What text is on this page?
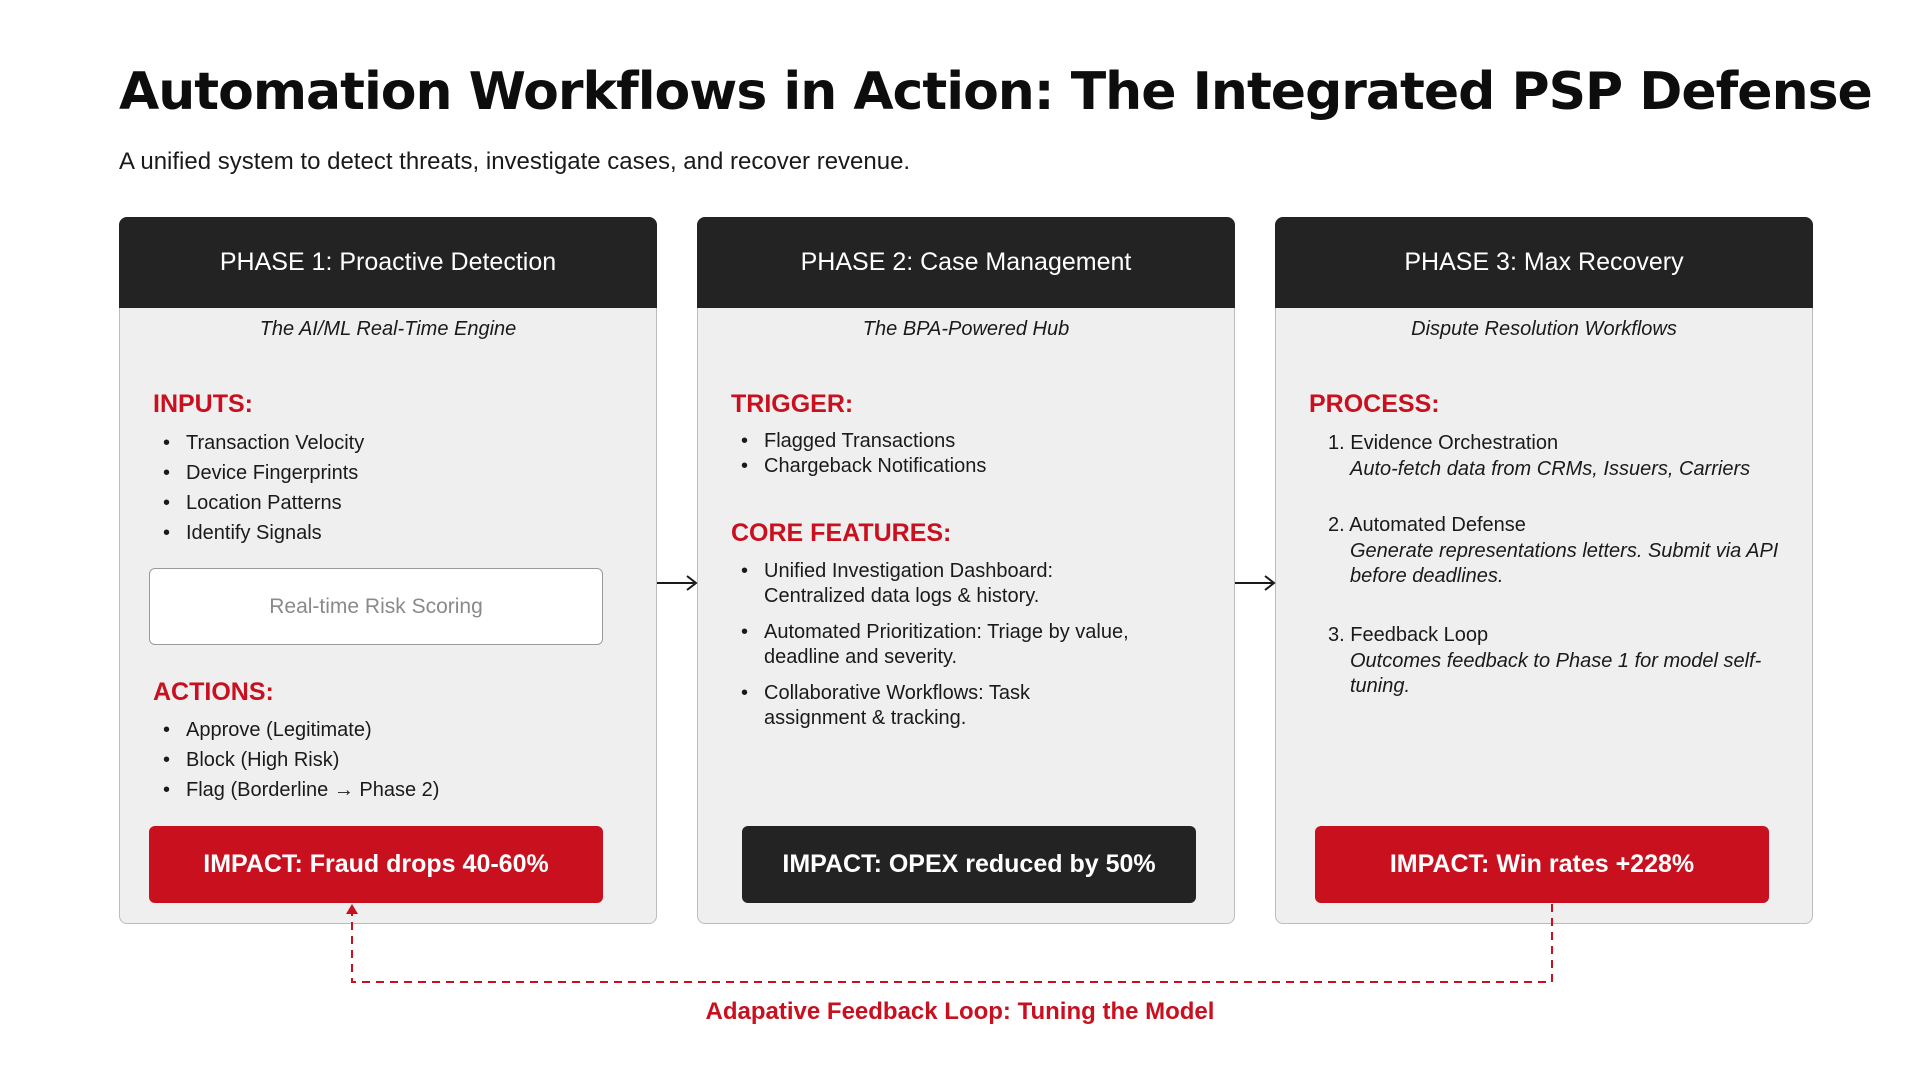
Automation Workflows in Action: The Integrated PSP Defense

A unified system to detect threats, investigate cases, and recover revenue.

PHASE 1: Proactive Detection
The AI/ML Real-Time Engine
INPUTS:
• Transaction Velocity
• Device Fingerprints
• Location Patterns
• Identify Signals
Real-time Risk Scoring
ACTIONS:
• Approve (Legitimate)
• Block (High Risk)
• Flag (Borderline → Phase 2)
IMPACT: Fraud drops 40-60%
PHASE 2: Case Management
The BPA-Powered Hub
TRIGGER:
• Flagged Transactions
• Chargeback Notifications
CORE FEATURES:
• Unified Investigation Dashboard: Centralized data logs & history.
• Automated Prioritization: Triage by value, deadline and severity.
• Collaborative Workflows: Task assignment & tracking.
IMPACT: OPEX reduced by 50%
PHASE 3: Max Recovery
Dispute Resolution Workflows
PROCESS:
1. Evidence Orchestration
Auto-fetch data from CRMs, Issuers, Carriers
2. Automated Defense
Generate representations letters. Submit via API before deadlines.
3. Feedback Loop
Outcomes feedback to Phase 1 for model self-tuning.
IMPACT: Win rates +228%
Adapative Feedback Loop: Tuning the Model
